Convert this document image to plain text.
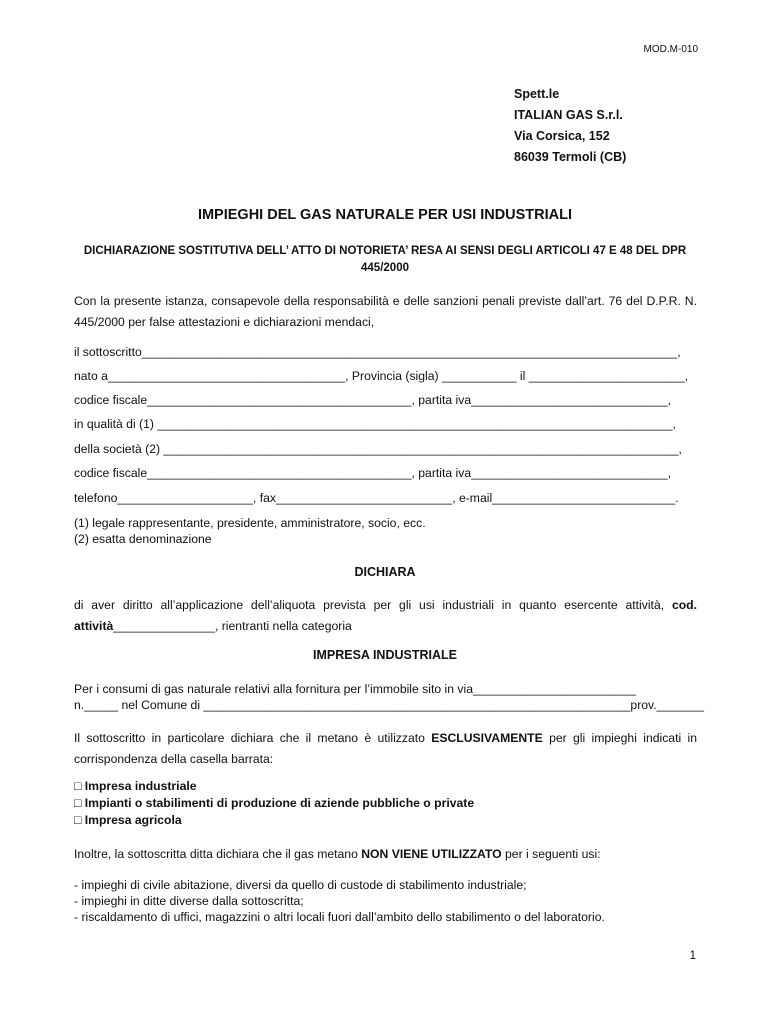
MOD.M-010
Spett.le
ITALIAN GAS S.r.l.
Via Corsica, 152
86039 Termoli (CB)
IMPIEGHI DEL GAS NATURALE PER USI INDUSTRIALI
DICHIARAZIONE SOSTITUTIVA DELL’ ATTO DI NOTORIETA’ RESA AI SENSI DEGLI ARTICOLI 47 E 48 DEL DPR 445/2000
Con la presente istanza, consapevole della responsabilità e delle sanzioni penali previste dall’art. 76 del D.P.R. N. 445/2000 per false attestazioni e dichiarazioni mendaci,
il sottoscritto_______________________________________________________________________________,
nato a___________________________________, Provincia (sigla) ___________ il _______________________,
codice fiscale_______________________________________, partita iva_____________________________,
in qualità di (1) ____________________________________________________________________________,
della società (2) ____________________________________________________________________________,
codice fiscale_______________________________________, partita iva_____________________________,
telefono____________________, fax__________________________, e-mail___________________________.
(1) legale rappresentante, presidente, amministratore, socio, ecc.
(2) esatta denominazione
DICHIARA
di aver diritto all’applicazione dell’aliquota prevista per gli usi industriali in quanto esercente attività, cod. attività_______________, rientranti nella categoria
IMPRESA INDUSTRIALE
Per i consumi di gas naturale relativi alla fornitura per l’immobile sito in via________________________
n._____ nel Comune di _______________________________________________________________prov._______
Il sottoscritto in particolare dichiara che il metano è utilizzato ESCLUSIVAMENTE per gli impieghi indicati in corrispondenza della casella barrata:
□ Impresa industriale
□ Impianti o stabilimenti di produzione di aziende pubbliche o private
□ Impresa agricola
Inoltre, la sottoscritta ditta dichiara che il gas metano NON VIENE UTILIZZATO per i seguenti usi:
- impieghi di civile abitazione, diversi da quello di custode di stabilimento industriale;
- impieghi in ditte diverse dalla sottoscritta;
- riscaldamento di uffici, magazzini o altri locali fuori dall’ambito dello stabilimento o del laboratorio.
1
